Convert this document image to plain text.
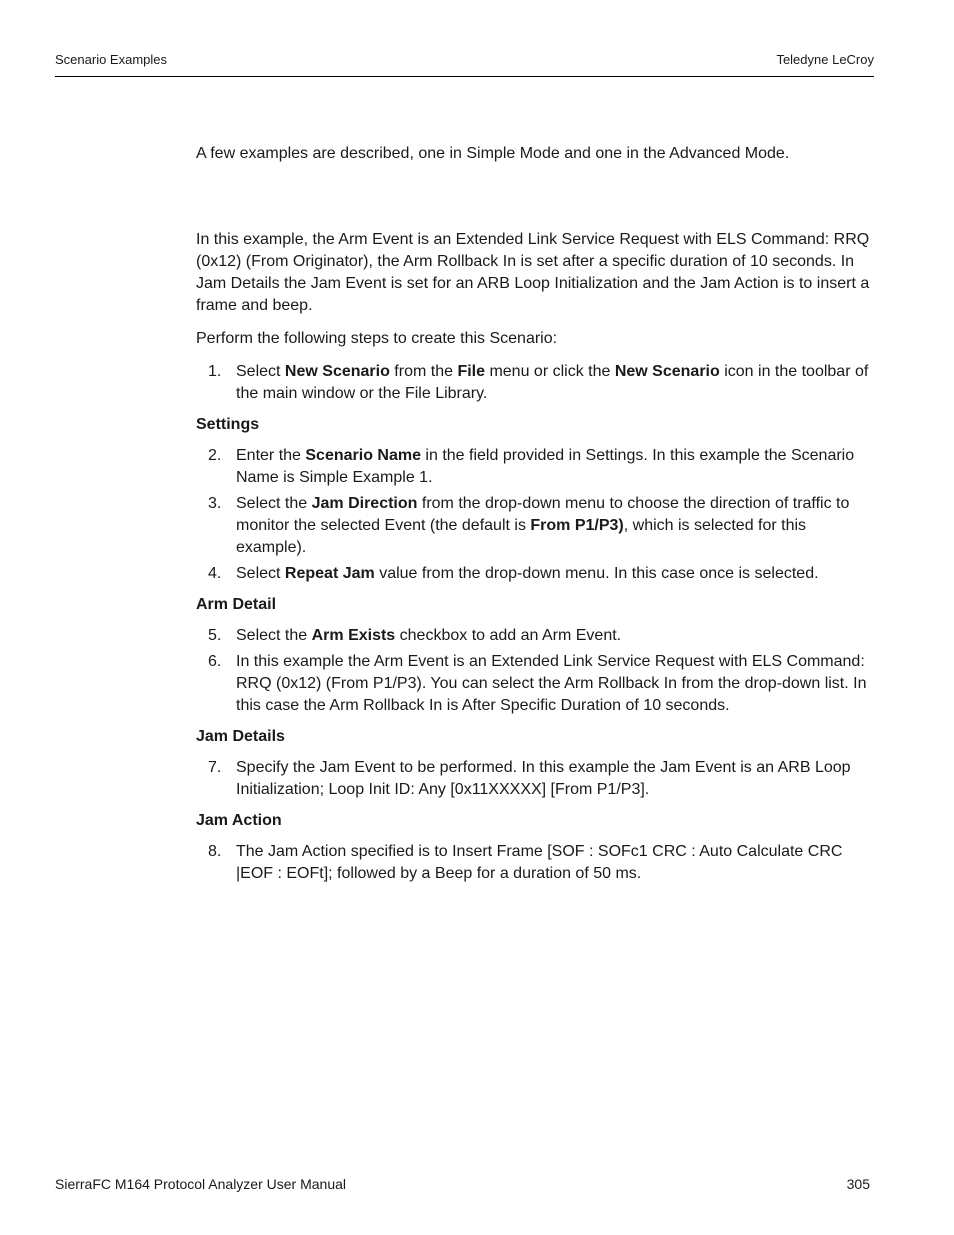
Scenario Examples	Teledyne LeCroy

A few examples are described, one in Simple Mode and one in the Advanced Mode.

In this example, the Arm Event is an Extended Link Service Request with ELS Command: RRQ (0x12) (From Originator), the Arm Rollback In is set after a specific duration of 10 seconds. In Jam Details the Jam Event is set for an ARB Loop Initialization and the Jam Action is to insert a frame and beep.

Perform the following steps to create this Scenario:

1. Select New Scenario from the File menu or click the New Scenario icon in the toolbar of the main window or the File Library.

Settings

2. Enter the Scenario Name in the field provided in Settings. In this example the Scenario Name is Simple Example 1.
3. Select the Jam Direction from the drop-down menu to choose the direction of traffic to monitor the selected Event (the default is From P1/P3), which is selected for this example).
4. Select Repeat Jam value from the drop-down menu. In this case once is selected.

Arm Detail

5. Select the Arm Exists checkbox to add an Arm Event.
6. In this example the Arm Event is an Extended Link Service Request with ELS Command: RRQ (0x12) (From P1/P3). You can select the Arm Rollback In from the drop-down list. In this case the Arm Rollback In is After Specific Duration of 10 seconds.

Jam Details

7. Specify the Jam Event to be performed. In this example the Jam Event is an ARB Loop Initialization; Loop Init ID: Any [0x11XXXXX] [From P1/P3].

Jam Action

8. The Jam Action specified is to Insert Frame [SOF : SOFc1 CRC : Auto Calculate CRC |EOF : EOFt]; followed by a Beep for a duration of 50 ms.
SierraFC M164 Protocol Analyzer User Manual	305
